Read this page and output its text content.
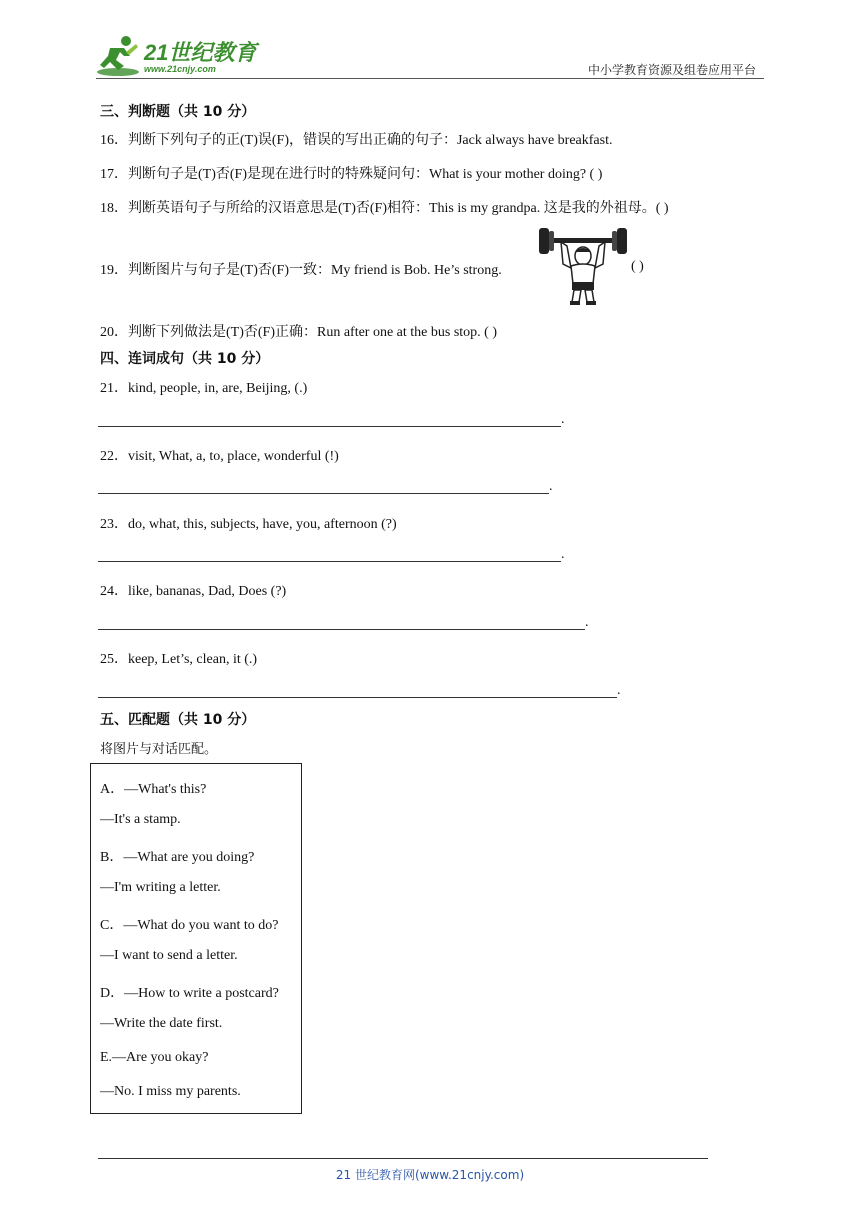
21世纪教育
www.21cnjy.com	中小学教育资源及组卷应用平台
三、判断题（共 10 分）
16．判断下列句子的正(T)误(F)，错误的写出正确的句子：Jack always have breakfast.
17．判断句子是(T)否(F)是现在进行时的特殊疑问句：What is your mother doing? ( )
18．判断英语句子与所给的汉语意思是(T)否(F)相符：This is my grandpa. 这是我的外祖母。( )
19．判断图片与句子是(T)否(F)一致：My friend is Bob. He’s strong.	( )
20．判断下列做法是(T)否(F)正确：Run after one at the bus stop. ( )
四、连词成句（共 10 分）
21．kind, people, in, are, Beijing, (.)
.
22．visit, What, a, to, place, wonderful (!)
.
23．do, what, this, subjects, have, you, afternoon (?)
.
24．like, bananas, Dad, Does (?)
.
25．keep, Let’s, clean, it (.)
.
五、匹配题（共 10 分）
将图片与对话匹配。
A．—What's this?
—It's a stamp.
B．—What are you doing?
—I'm writing a letter.
C．—What do you want to do?
—I want to send a letter.
D．—How to write a postcard?
—Write the date first.
E.—Are you okay?
—No. I miss my parents.
21 世纪教育网(www.21cnjy.com)
